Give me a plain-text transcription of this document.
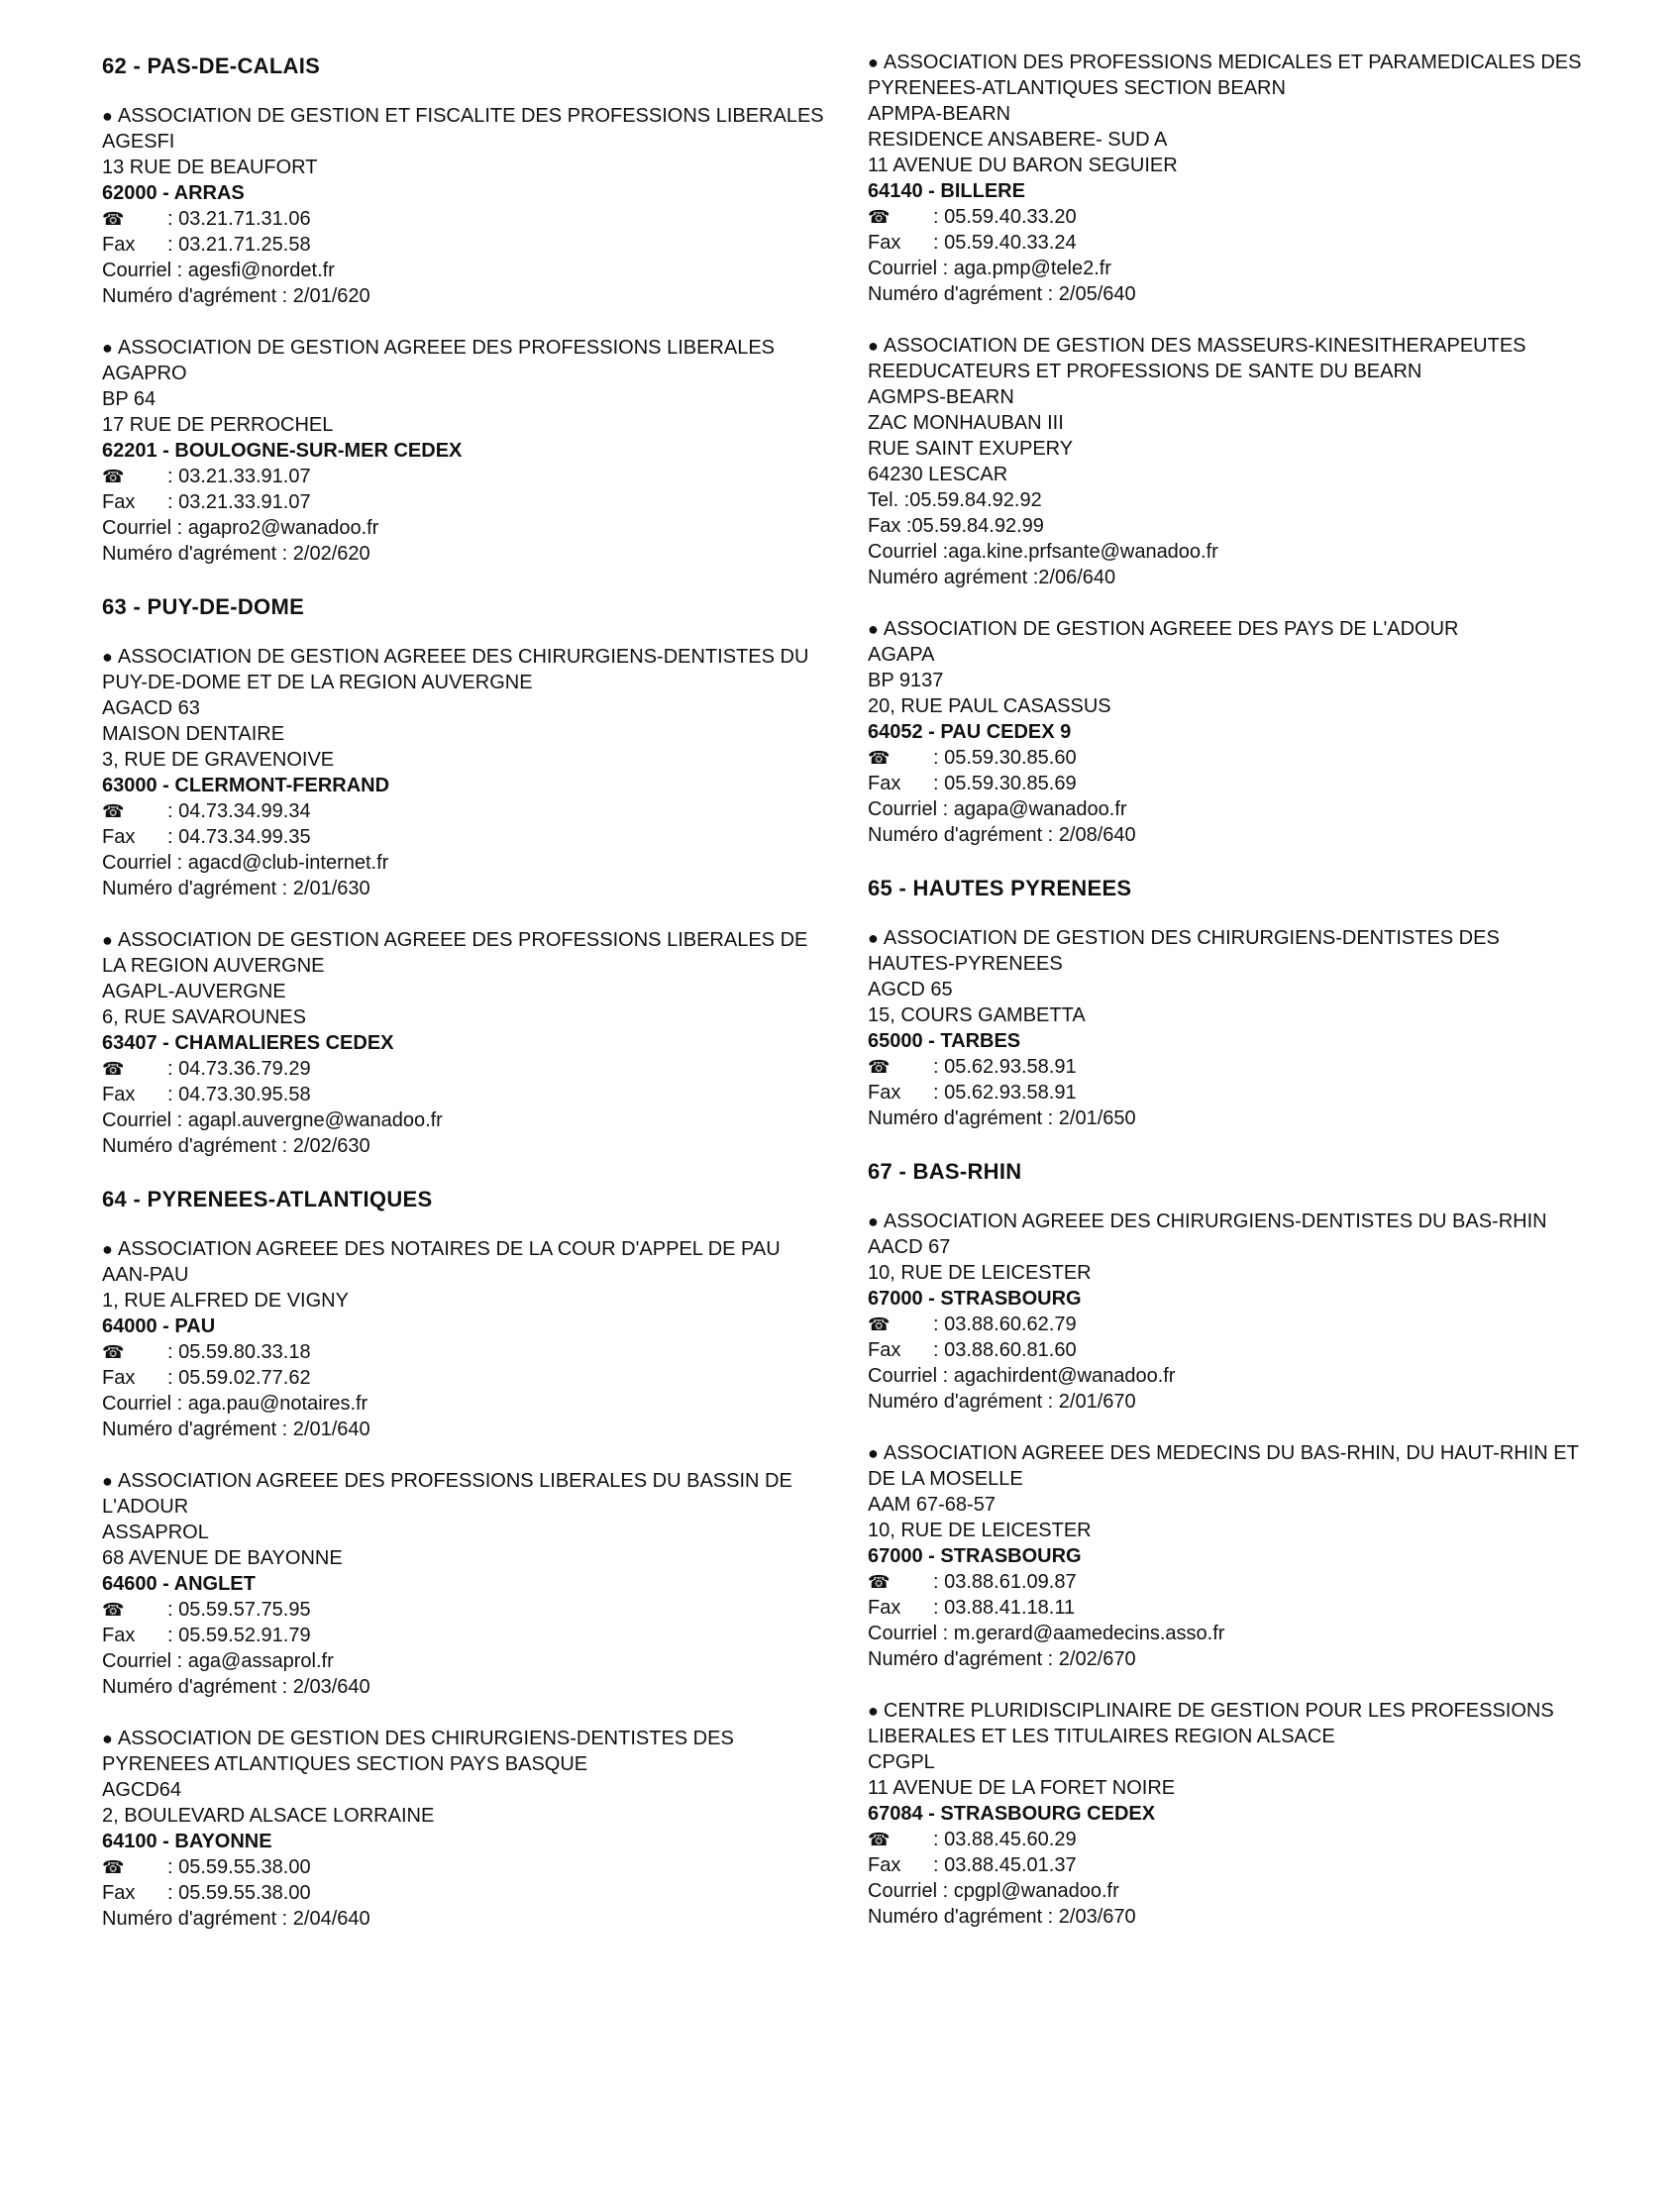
62 - PAS-DE-CALAIS
● ASSOCIATION DE GESTION ET FISCALITE DES PROFESSIONS LIBERALES
AGESFI
13 RUE DE BEAUFORT
62000 - ARRAS
☎ : 03.21.71.31.06
Fax : 03.21.71.25.58
Courriel : agesfi@nordet.fr
Numéro d'agrément : 2/01/620
● ASSOCIATION DE GESTION AGREEE DES PROFESSIONS LIBERALES AGAPRO
BP 64
17 RUE DE PERROCHEL
62201 - BOULOGNE-SUR-MER CEDEX
☎ : 03.21.33.91.07
Fax : 03.21.33.91.07
Courriel : agapro2@wanadoo.fr
Numéro d'agrément : 2/02/620
63 - PUY-DE-DOME
● ASSOCIATION DE GESTION AGREEE DES CHIRURGIENS-DENTISTES DU PUY-DE-DOME ET DE LA REGION AUVERGNE
AGACD 63
MAISON DENTAIRE
3, RUE DE GRAVENOIVE
63000 - CLERMONT-FERRAND
☎ : 04.73.34.99.34
Fax : 04.73.34.99.35
Courriel : agacd@club-internet.fr
Numéro d'agrément : 2/01/630
● ASSOCIATION DE GESTION AGREEE DES PROFESSIONS LIBERALES DE LA REGION AUVERGNE
AGAPL-AUVERGNE
6, RUE SAVAROUNES
63407 - CHAMALIERES CEDEX
☎ : 04.73.36.79.29
Fax : 04.73.30.95.58
Courriel : agapl.auvergne@wanadoo.fr
Numéro d'agrément : 2/02/630
64 - PYRENEES-ATLANTIQUES
● ASSOCIATION AGREEE DES NOTAIRES DE LA COUR D'APPEL DE PAU
AAN-PAU
1, RUE ALFRED DE VIGNY
64000 - PAU
☎ : 05.59.80.33.18
Fax : 05.59.02.77.62
Courriel : aga.pau@notaires.fr
Numéro d'agrément : 2/01/640
● ASSOCIATION AGREEE DES PROFESSIONS LIBERALES DU BASSIN DE L'ADOUR
ASSAPROL
68 AVENUE DE BAYONNE
64600 - ANGLET
☎ : 05.59.57.75.95
Fax : 05.59.52.91.79
Courriel : aga@assaprol.fr
Numéro d'agrément : 2/03/640
● ASSOCIATION DE GESTION DES CHIRURGIENS-DENTISTES DES PYRENEES ATLANTIQUES SECTION PAYS BASQUE
AGCD64
2, BOULEVARD ALSACE LORRAINE
64100 - BAYONNE
☎ : 05.59.55.38.00
Fax : 05.59.55.38.00
Numéro d'agrément : 2/04/640
● ASSOCIATION DES PROFESSIONS MEDICALES ET PARAMEDICALES DES PYRENEES-ATLANTIQUES SECTION BEARN
APMPA-BEARN
RESIDENCE ANSABERE- SUD A
11 AVENUE DU BARON SEGUIER
64140 - BILLERE
☎ : 05.59.40.33.20
Fax : 05.59.40.33.24
Courriel : aga.pmp@tele2.fr
Numéro d'agrément : 2/05/640
● ASSOCIATION DE GESTION DES MASSEURS-KINESITHERAPEUTES REEDUCATEURS ET PROFESSIONS DE SANTE DU BEARN
AGMPS-BEARN
ZAC MONHAUBAN III
RUE SAINT EXUPERY
64230 LESCAR
Tel. :05.59.84.92.92
Fax :05.59.84.92.99
Courriel :aga.kine.prfsante@wanadoo.fr
Numéro agrément :2/06/640
● ASSOCIATION DE GESTION AGREEE DES PAYS DE L'ADOUR
AGAPA
BP 9137
20, RUE PAUL CASASSUS
64052 - PAU CEDEX 9
☎ : 05.59.30.85.60
Fax : 05.59.30.85.69
Courriel : agapa@wanadoo.fr
Numéro d'agrément : 2/08/640
65 - HAUTES PYRENEES
● ASSOCIATION DE GESTION DES CHIRURGIENS-DENTISTES DES HAUTES-PYRENEES
AGCD 65
15, COURS GAMBETTA
65000 - TARBES
☎ : 05.62.93.58.91
Fax : 05.62.93.58.91
Numéro d'agrément : 2/01/650
67 - BAS-RHIN
● ASSOCIATION AGREEE DES CHIRURGIENS-DENTISTES DU BAS-RHIN
AACD 67
10, RUE DE LEICESTER
67000 - STRASBOURG
☎ : 03.88.60.62.79
Fax : 03.88.60.81.60
Courriel : agachirdent@wanadoo.fr
Numéro d'agrément : 2/01/670
● ASSOCIATION AGREEE DES MEDECINS DU BAS-RHIN, DU HAUT-RHIN ET DE LA MOSELLE
AAM 67-68-57
10, RUE DE LEICESTER
67000 - STRASBOURG
☎ : 03.88.61.09.87
Fax : 03.88.41.18.11
Courriel : m.gerard@aamedecins.asso.fr
Numéro d'agrément : 2/02/670
● CENTRE PLURIDISCIPLINAIRE DE GESTION POUR LES PROFESSIONS LIBERALES ET LES TITULAIRES REGION ALSACE
CPGPL
11 AVENUE DE LA FORET NOIRE
67084 - STRASBOURG CEDEX
☎ : 03.88.45.60.29
Fax : 03.88.45.01.37
Courriel : cpgpl@wanadoo.fr
Numéro d'agrément : 2/03/670
